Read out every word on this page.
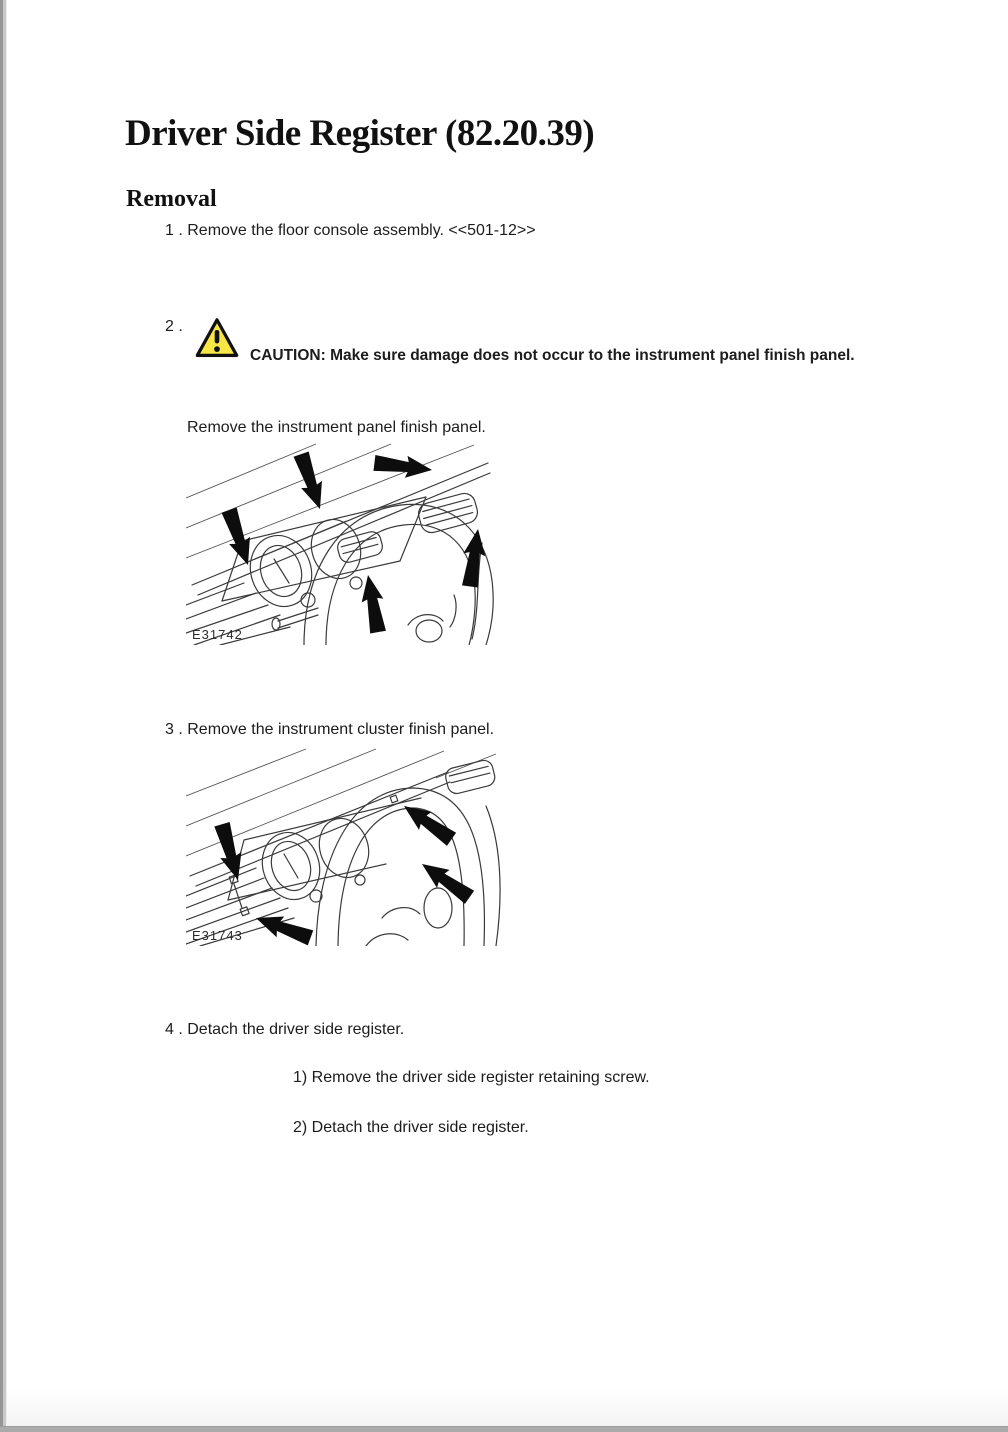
Driver Side Register (82.20.39)
Removal
1 . Remove the floor console assembly. <<501-12>>
2 .
CAUTION: Make sure damage does not occur to the instrument panel finish panel.
Remove the instrument panel finish panel.
E31742
3 . Remove the instrument cluster finish panel.
E31743
4 . Detach the driver side register.
1) Remove the driver side register retaining screw.
2) Detach the driver side register.
